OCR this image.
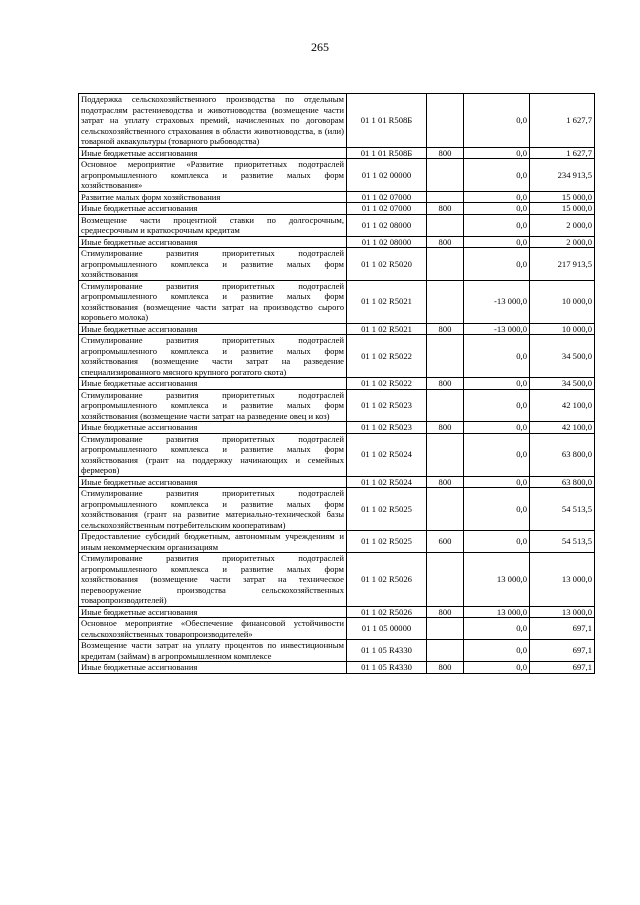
265
Поддержка сельскохозяйственного производства по отдельным подотраслям растениеводства и животноводства (возмещение части затрат на уплату страховых премий, начисленных по договорам сельскохозяйственного страхования в области животноводства, в (или) товарной аквакультуры (товарного рыбоводства)	01 1 01 R508Б		0,0	1 627,7
Иные бюджетные ассигнования	01 1 01 R508Б	800	0,0	1 627,7
Основное мероприятие «Развитие приоритетных подотраслей агропромышленного комплекса и развитие малых форм хозяйствования»	01 1 02 00000		0,0	234 913,5
Развитие малых форм хозяйствования	01 1 02 07000		0,0	15 000,0
Иные бюджетные ассигнования	01 1 02 07000	800	0,0	15 000,0
Возмещение части процентной ставки по долгосрочным, среднесрочным и краткосрочным кредитам	01 1 02 08000		0,0	2 000,0
Иные бюджетные ассигнования	01 1 02 08000	800	0,0	2 000,0
Стимулирование развития приоритетных подотраслей агропромышленного комплекса и развитие малых форм хозяйствования	01 1 02 R5020		0,0	217 913,5
Стимулирование развития приоритетных подотраслей агропромышленного комплекса и развитие малых форм хозяйствования (возмещение части затрат на производство сырого коровьего молока)	01 1 02 R5021		-13 000,0	10 000,0
Иные бюджетные ассигнования	01 1 02 R5021	800	-13 000,0	10 000,0
Стимулирование развития приоритетных подотраслей агропромышленного комплекса и развитие малых форм хозяйствования (возмещение части затрат на разведение специализированного мясного крупного рогатого скота)	01 1 02 R5022		0,0	34 500,0
Иные бюджетные ассигнования	01 1 02 R5022	800	0,0	34 500,0
Стимулирование развития приоритетных подотраслей агропромышленного комплекса и развитие малых форм хозяйствования (возмещение части затрат на разведение овец и коз)	01 1 02 R5023		0,0	42 100,0
Иные бюджетные ассигнования	01 1 02 R5023	800	0,0	42 100,0
Стимулирование развития приоритетных подотраслей агропромышленного комплекса и развитие малых форм хозяйствования (грант на поддержку начинающих и семейных фермеров)	01 1 02 R5024		0,0	63 800,0
Иные бюджетные ассигнования	01 1 02 R5024	800	0,0	63 800,0
Стимулирование развития приоритетных подотраслей агропромышленного комплекса и развитие малых форм хозяйствования (грант на развитие материально-технической базы сельскохозяйственным потребительским кооперативам)	01 1 02 R5025		0,0	54 513,5
Предоставление субсидий бюджетным, автономным учреждениям и иным некоммерческим организациям	01 1 02 R5025	600	0,0	54 513,5
Стимулирование развития приоритетных подотраслей агропромышленного комплекса и развитие малых форм хозяйствования (возмещение части затрат на техническое перевооружение производства сельскохозяйственных товаропроизводителей)	01 1 02 R5026		13 000,0	13 000,0
Иные бюджетные ассигнования	01 1 02 R5026	800	13 000,0	13 000,0
Основное мероприятие «Обеспечение финансовой устойчивости сельскохозяйственных товаропроизводителей»	01 1 05 00000		0,0	697,1
Возмещение части затрат на уплату процентов по инвестиционным кредитам (займам) в агропромышленном комплексе	01 1 05 R4330		0,0	697,1
Иные бюджетные ассигнования	01 1 05 R4330	800	0,0	697,1
